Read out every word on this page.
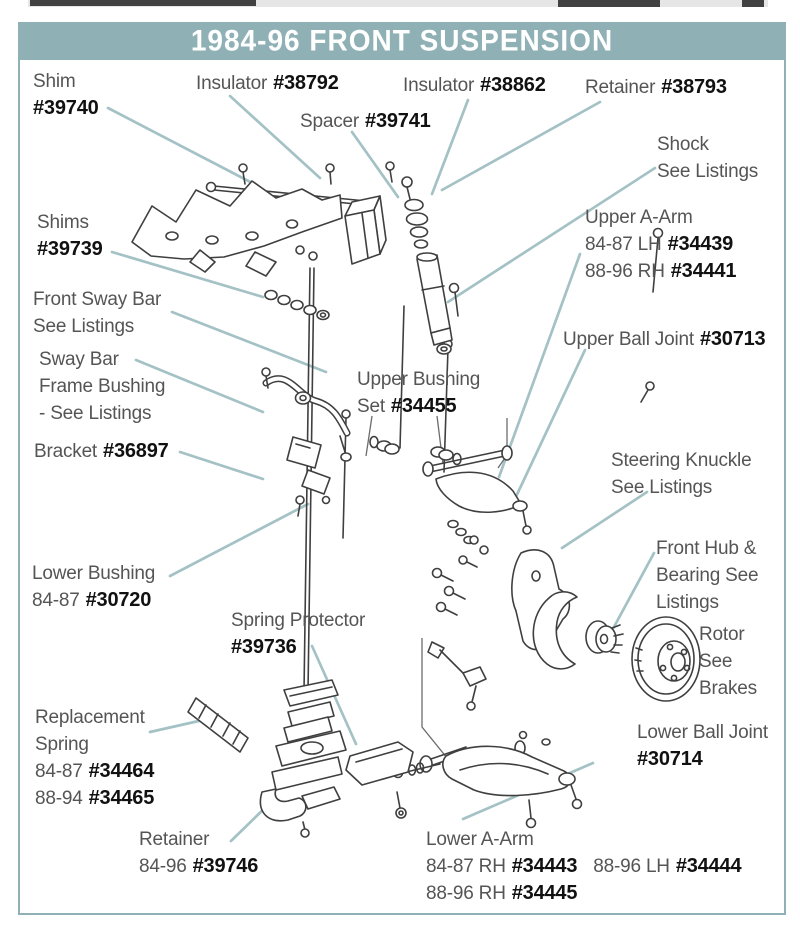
1984-96 FRONT SUSPENSION
Shim
#39740
Insulator #38792
Spacer #39741
Insulator #38862 Retainer #38793
Shock
See Listings
Upper A-Arm
84-87 LH #34439
88-96 RH #34441
Shims
#39739
Front Sway Bar
See Listings
Sway Bar
Frame Bushing
- See Listings
Upper Bushing
Set #34455
Upper Ball Joint #30713
Bracket #36897	Steering Knuckle
See Listings
Front Hub &
Bearing See
Listings
Lower Bushing
84-87 #30720
Rotor
See
Brakes
Spring Protector
#39736
Replacement
Spring
84-87 #34464
88-94 #34465
Lower Ball Joint
#30714
Retainer
84-96 #39746
Lower A-Arm
84-87 RH #34443 88-96 LH #34444
88-96 RH #34445
